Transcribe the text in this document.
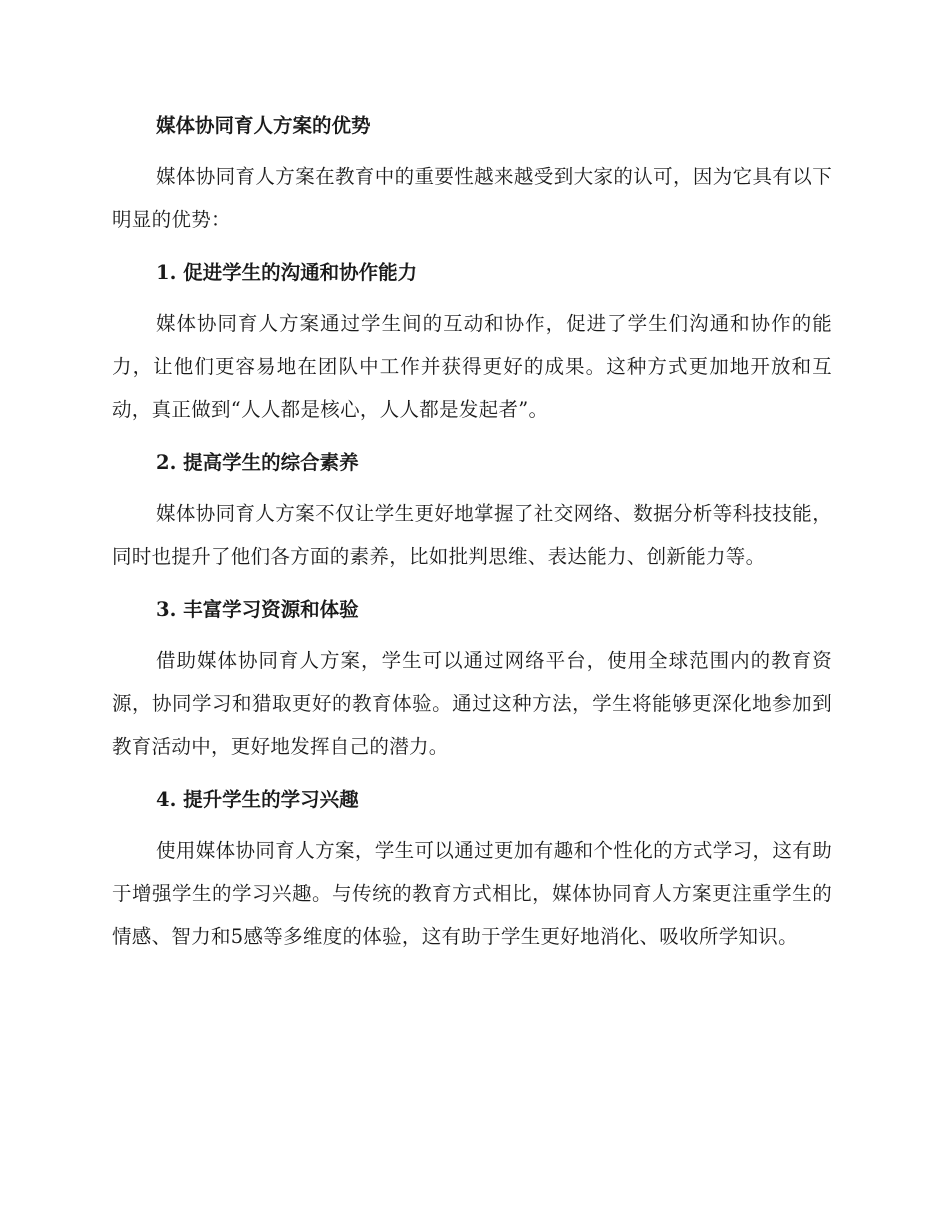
媒体协同育人方案的优势

媒体协同育人方案在教育中的重要性越来越受到大家的认可，因为它具有以下明显的优势：

1. 促进学生的沟通和协作能力

媒体协同育人方案通过学生间的互动和协作，促进了学生们沟通和协作的能力，让他们更容易地在团队中工作并获得更好的成果。这种方式更加地开放和互动，真正做到“人人都是核心，人人都是发起者”。

2. 提高学生的综合素养

媒体协同育人方案不仅让学生更好地掌握了社交网络、数据分析等科技技能，同时也提升了他们各方面的素养，比如批判思维、表达能力、创新能力等。

3. 丰富学习资源和体验

借助媒体协同育人方案，学生可以通过网络平台，使用全球范围内的教育资源，协同学习和猎取更好的教育体验。通过这种方法，学生将能够更深化地参加到教育活动中，更好地发挥自己的潜力。

4. 提升学生的学习兴趣

使用媒体协同育人方案，学生可以通过更加有趣和个性化的方式学习，这有助于增强学生的学习兴趣。与传统的教育方式相比，媒体协同育人方案更注重学生的情感、智力和5感等多维度的体验，这有助于学生更好地消化、吸收所学知识。
